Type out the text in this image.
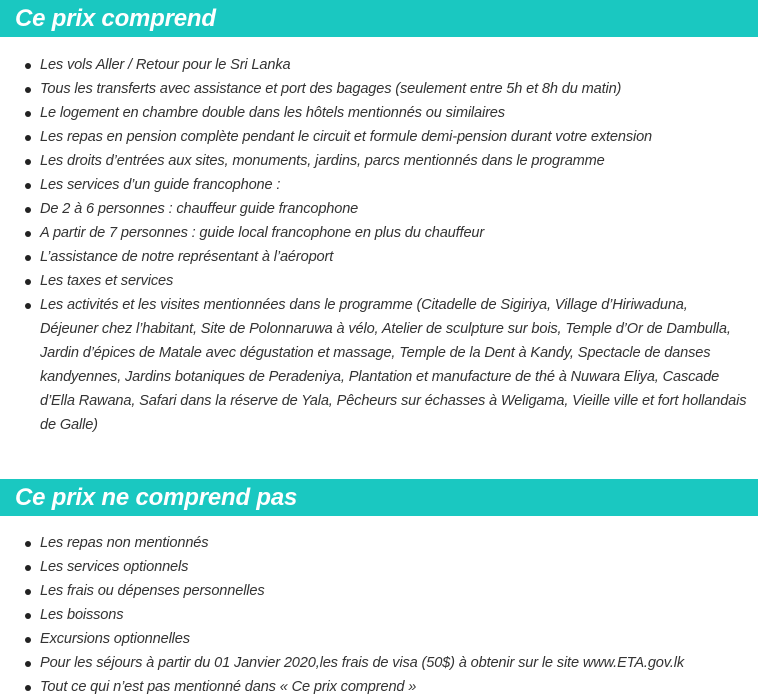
Ce prix comprend
Les vols Aller / Retour pour le Sri Lanka
Tous les transferts avec assistance et port des bagages (seulement entre 5h et 8h du matin)
Le logement en chambre double dans les hôtels mentionnés ou similaires
Les repas en pension complète pendant le circuit et formule demi-pension durant votre extension
Les droits d’entrées aux sites, monuments, jardins, parcs mentionnés dans le programme
Les services d’un guide francophone :
De 2 à 6 personnes : chauffeur guide francophone
A partir de 7 personnes : guide local francophone en plus du chauffeur
L’assistance de notre représentant à l’aéroport
Les taxes et services
Les activités et les visites mentionnées dans le programme (Citadelle de Sigiriya, Village d’Hiriwaduna, Déjeuner chez l’habitant, Site de Polonnaruwa à vélo, Atelier de sculpture sur bois, Temple d’Or de Dambulla, Jardin d’épices de Matale avec dégustation et massage, Temple de la Dent à Kandy, Spectacle de danses kandyennes, Jardins botaniques de Peradeniya, Plantation et manufacture de thé à Nuwara Eliya, Cascade d’Ella Rawana, Safari dans la réserve de Yala, Pêcheurs sur échasses à Weligama, Vieille ville et fort hollandais de Galle)
Ce prix ne comprend pas
Les repas non mentionnés
Les services optionnels
Les frais ou dépenses personnelles
Les boissons
Excursions optionnelles
Pour les séjours à partir du 01 Janvier 2020,les frais de visa (50$) à obtenir sur le site www.ETA.gov.lk
Tout ce qui n’est pas mentionné dans « Ce prix comprend »
